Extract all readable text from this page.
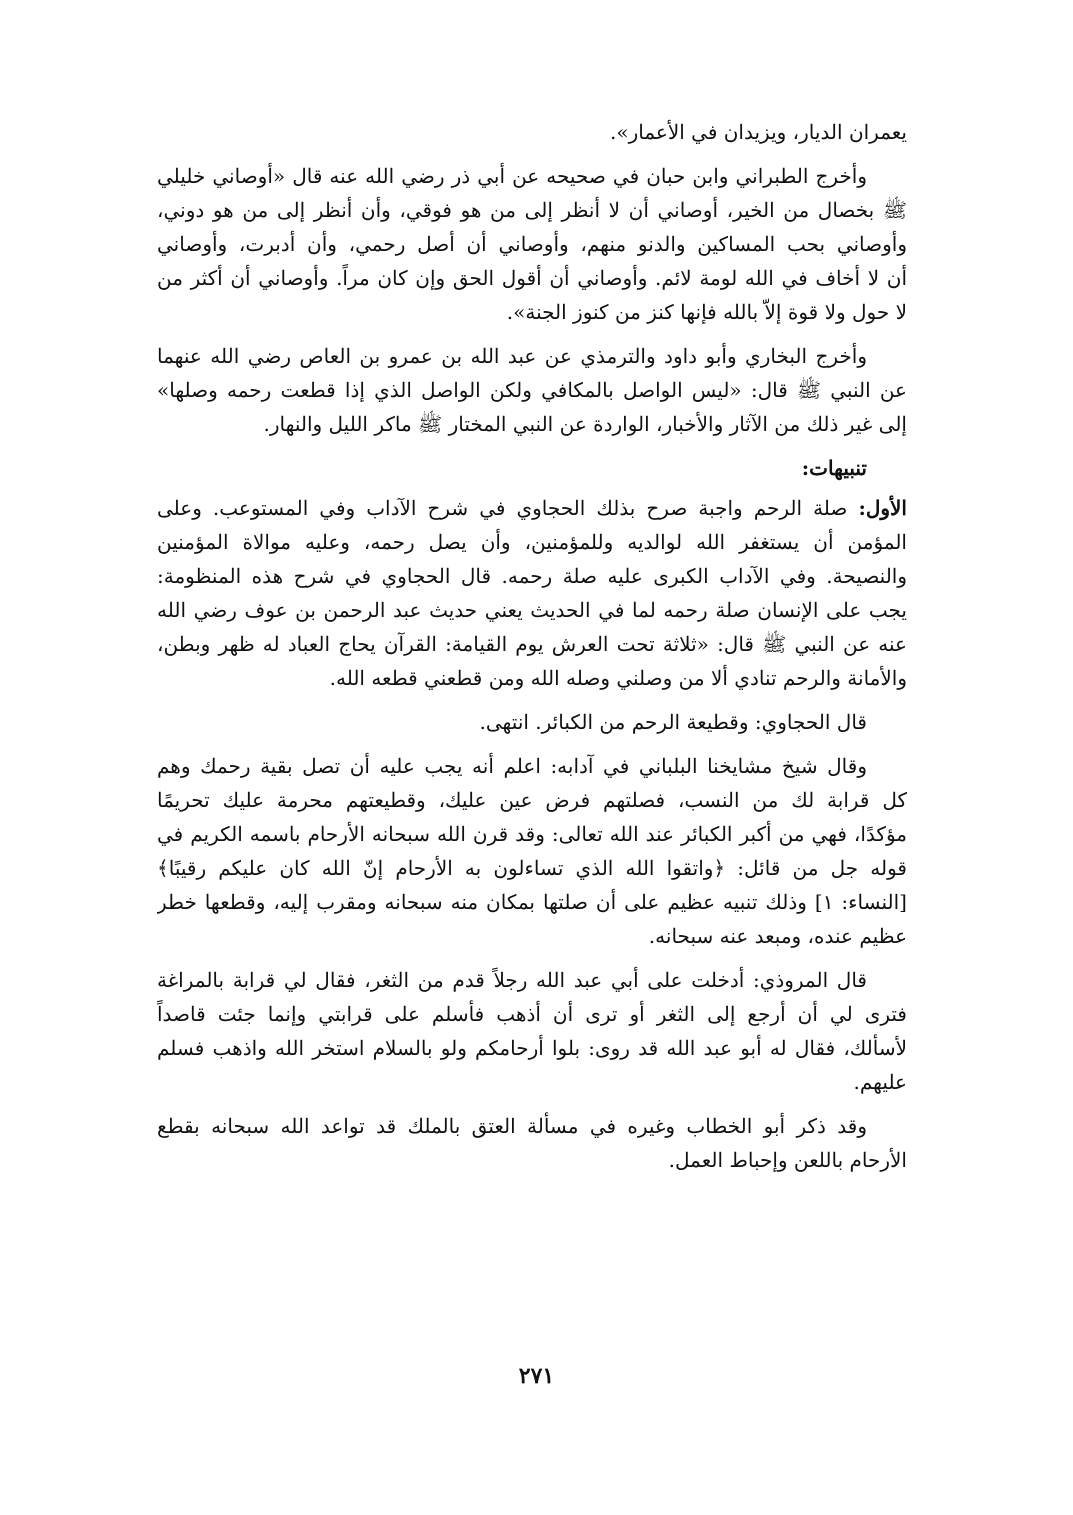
يعمران الديار، ويزيدان في الأعمار».
وأخرج الطبراني وابن حبان في صحيحه عن أبي ذر رضي الله عنه قال «أوصاني خليلي
ﷺ بخصال من الخير، أوصاني أن لا أنظر إلى من هو فوقي، وأن أنظر إلى من هو دوني،
وأوصاني بحب المساكين والدنو منهم، وأوصاني أن أصل رحمي، وأن أدبرت، وأوصاني
أن لا أخاف في الله لومة لائم. وأوصاني أن أقول الحق وإن كان مراً. وأوصاني أن أكثر من
لا حول ولا قوة إلاّ بالله فإنها كنز من كنوز الجنة».
وأخرج البخاري وأبو داود والترمذي عن عبد الله بن عمرو بن العاص رضي الله عنهما
عن النبي ﷺ قال: «ليس الواصل بالمكافي ولكن الواصل الذي إذا قطعت رحمه وصلها»
إلى غير ذلك من الآثار والأخبار، الواردة عن النبي المختار ﷺ ماكر الليل والنهار.
تنبيهات:
الأول: صلة الرحم واجبة صرح بذلك الحجاوي في شرح الآداب وفي المستوعب. وعلى
المؤمن أن يستغفر الله لوالديه وللمؤمنين، وأن يصل رحمه، وعليه موالاة المؤمنين
والنصيحة. وفي الآداب الكبرى عليه صلة رحمه. قال الحجاوي في شرح هذه المنظومة:
يجب على الإنسان صلة رحمه لما في الحديث يعني حديث عبد الرحمن بن عوف رضي الله
عنه عن النبي ﷺ قال: «ثلاثة تحت العرش يوم القيامة: القرآن يحاج العباد له ظهر وبطن،
والأمانة والرحم تنادي ألا من وصلني وصله الله ومن قطعني قطعه الله.
قال الحجاوي: وقطيعة الرحم من الكبائر. انتهى.
وقال شيخ مشايخنا البلباني في آدابه: اعلم أنه يجب عليه أن تصل بقية رحمك وهم
كل قرابة لك من النسب، فصلتهم فرض عين عليك، وقطيعتهم محرمة عليك تحريمًا
مؤكدًا، فهي من أكبر الكبائر عند الله تعالى: وقد قرن الله سبحانه الأرحام باسمه الكريم في
قوله جل من قائل: ﴿واتقوا الله الذي تساءلون به الأرحام إنّ الله كان عليكم رقيبًا﴾
[النساء: ١] وذلك تنبيه عظيم على أن صلتها بمكان منه سبحانه ومقرب إليه، وقطعها خطر
عظيم عنده، ومبعد عنه سبحانه.
قال المروذي: أدخلت على أبي عبد الله رجلاً قدم من الثغر، فقال لي قرابة بالمراغة
فترى لي أن أرجع إلى الثغر أو ترى أن أذهب فأسلم على قرابتي وإنما جئت قاصداً
لأسألك، فقال له أبو عبد الله قد روى: بلوا أرحامكم ولو بالسلام استخر الله واذهب فسلم
عليهم.
وقد ذكر أبو الخطاب وغيره في مسألة العتق بالملك قد تواعد الله سبحانه بقطع
الأرحام باللعن وإحباط العمل.
٢٧١
